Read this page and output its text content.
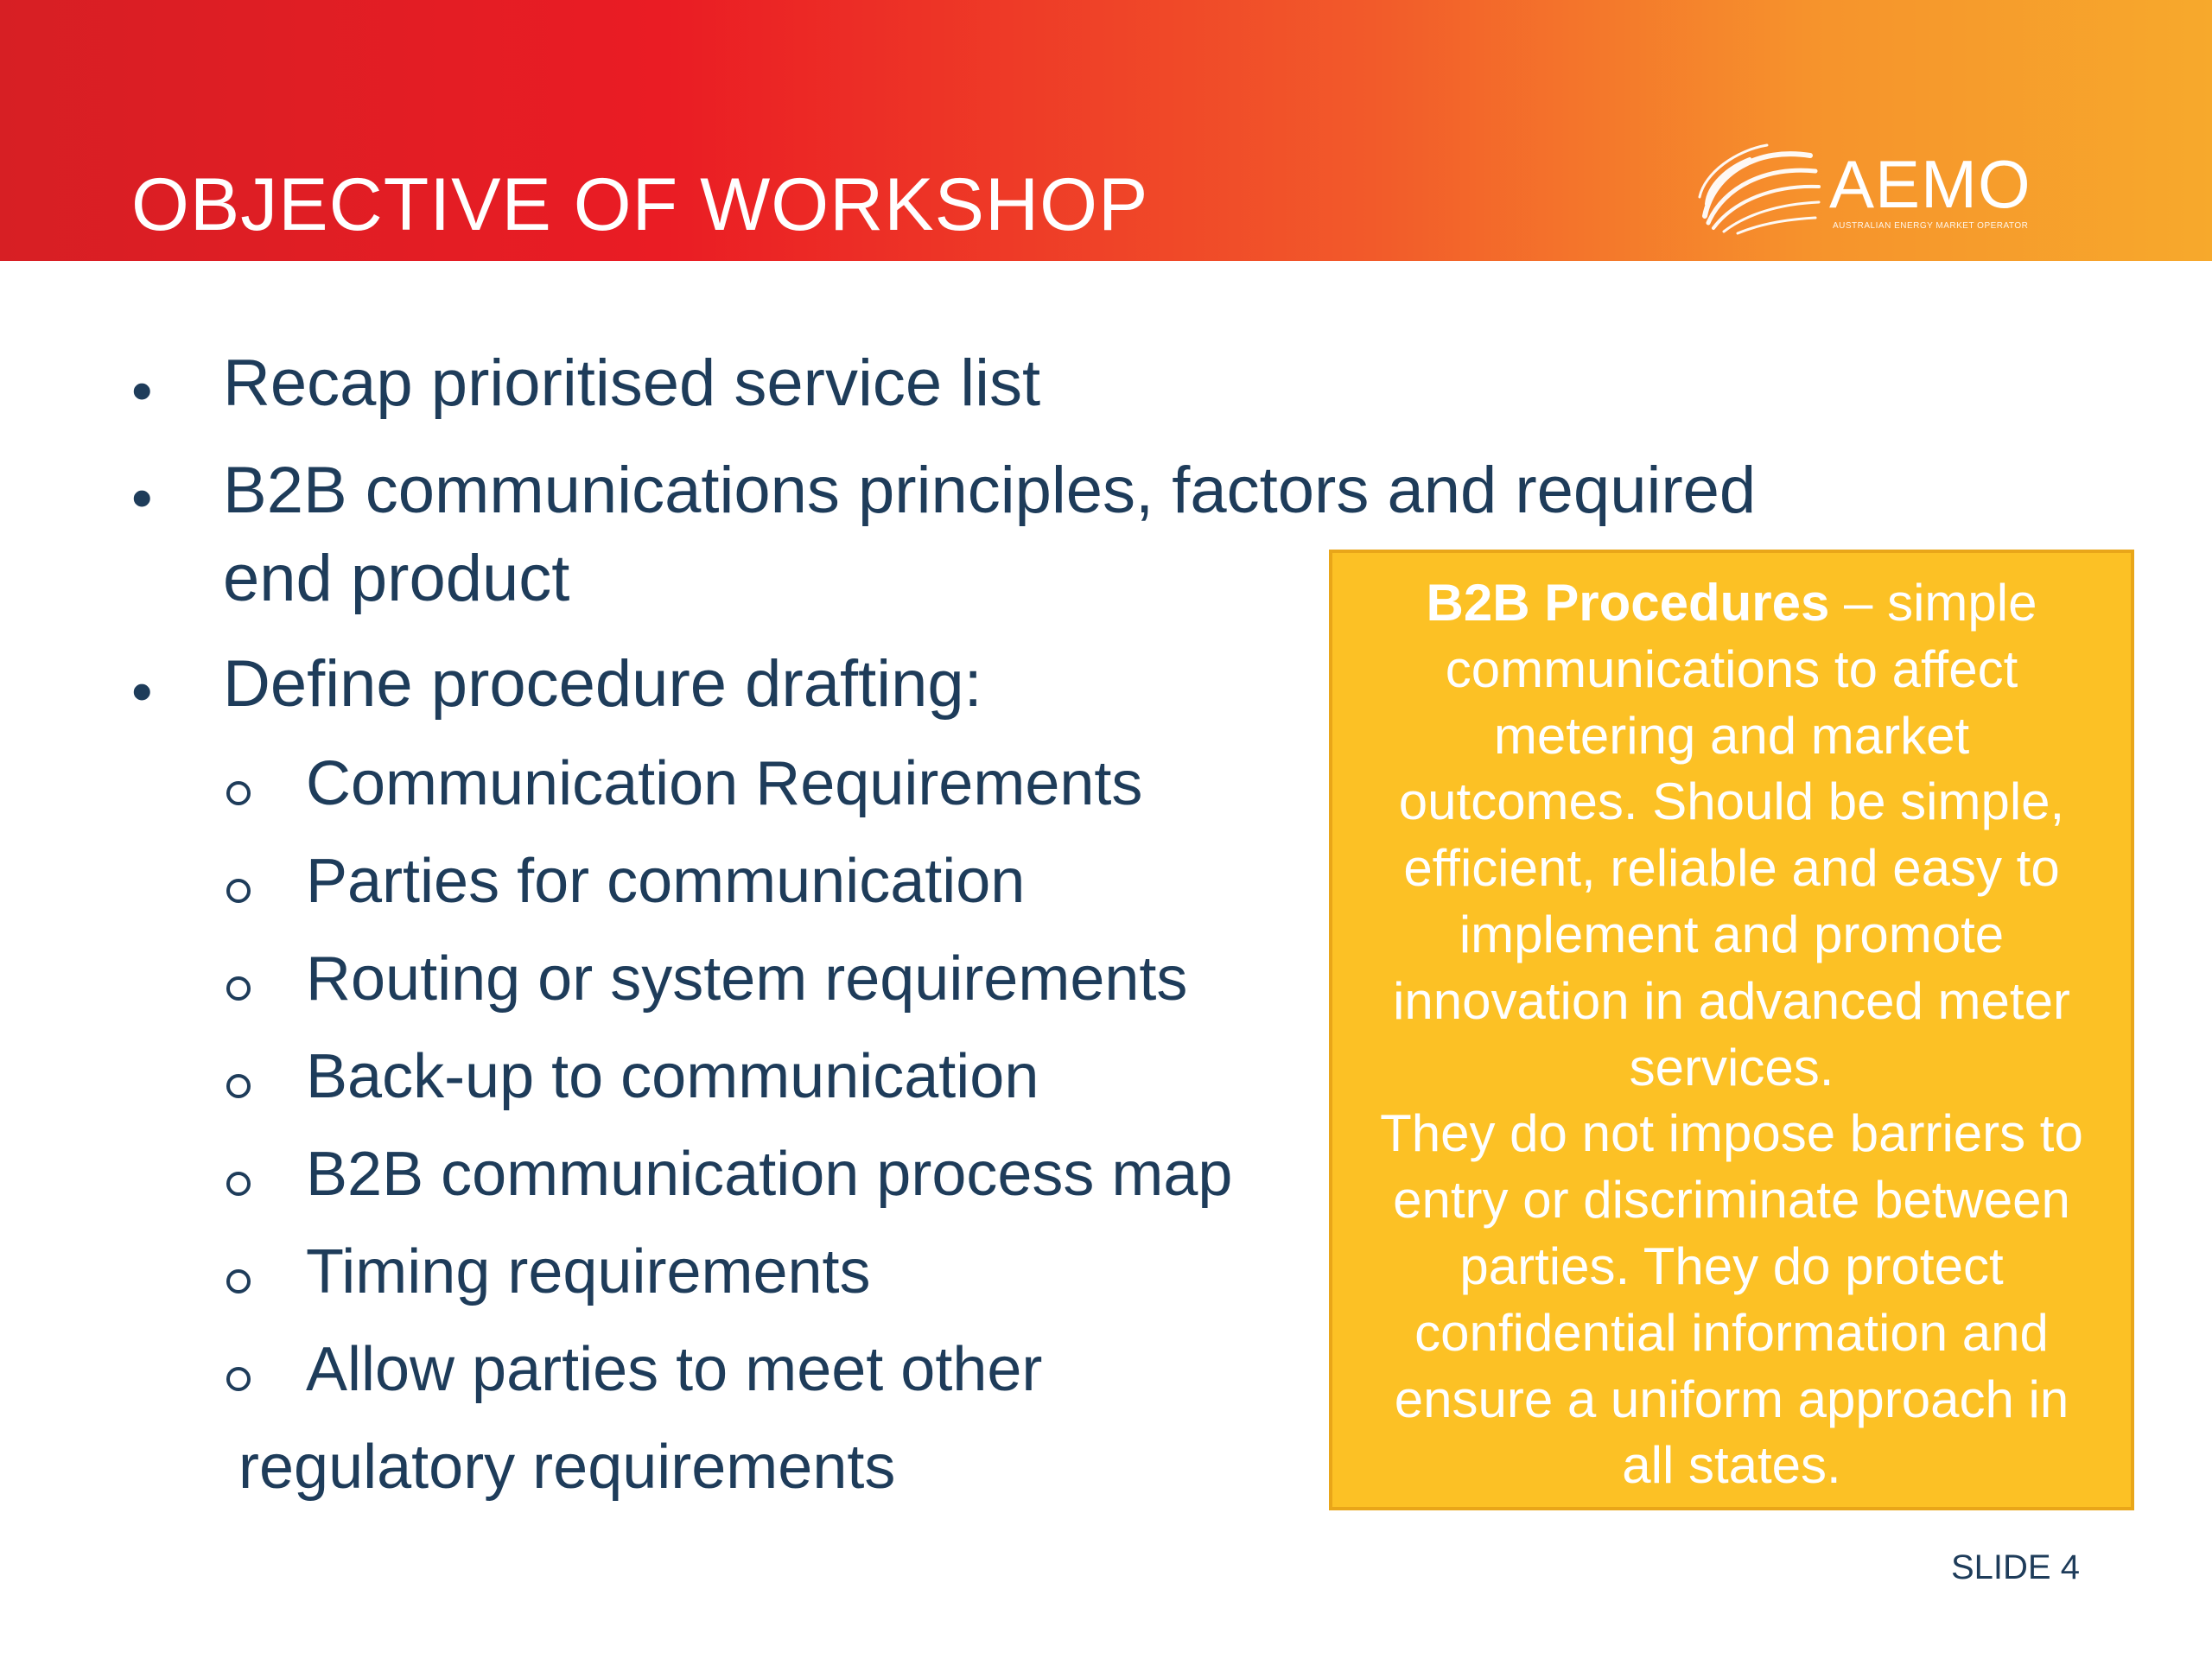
OBJECTIVE OF WORKSHOP	AEMO
AUSTRALIAN ENERGY MARKET OPERATOR
• Recap prioritised service list
• B2B communications principles, factors and required
end product
• Define procedure drafting:
Communication Requirements
Parties for communication
Routing or system requirements
Back-up to communication
B2B communication process map
Timing requirements
Allow parties to meet other
regulatory requirements
B2B Procedures – simple
communications to affect
metering and market
outcomes. Should be simple,
efficient, reliable and easy to
implement and promote
innovation in advanced meter
services.
They do not impose barriers to
entry or discriminate between
parties. They do protect
confidential information and
ensure a uniform approach in
all states.
SLIDE 4
